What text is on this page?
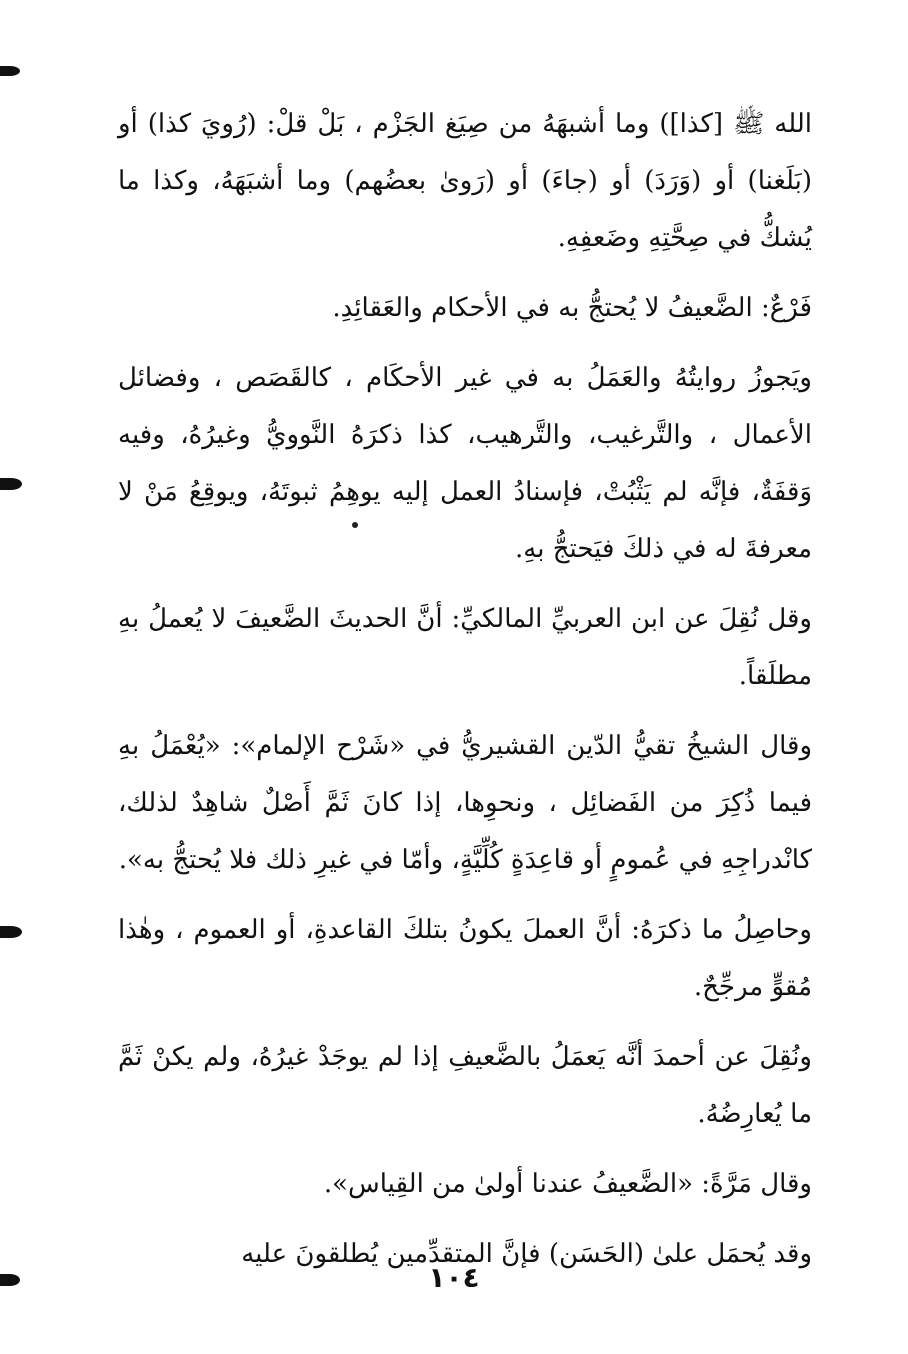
الله ﷺ [كذا]) وما أشبهَهُ من صِيَغ الجَزْم ، بَلْ قلْ: (رُويَ كذا) أو (بَلَغنا) أو (وَرَدَ) أو (جاءَ) أو (رَوىٰ بعضُهم) وما أشبَهَهُ، وكذا ما يُشكُّ في صِحَّتِهِ وضَعفِهِ.

فَرْعٌ: الضَّعيفُ لا يُحتجُّ به في الأحكام والعَقائِدِ.

ويَجوزُ روايتُهُ والعَمَلُ به في غير الأحكَام ، كالقَصَص ، وفضائل الأعمال ، والتَّرغيب، والتَّرهيب، كذا ذكرَهُ النَّوويُّ وغيرُهُ، وفيه وَقفَةٌ، فإنَّه لم يَثْبُتْ، فإسنادُ العمل إليه يوهِمُ ثبوتَهُ، ويوقِعُ مَنْ لا معرفةَ له في ذلكَ فيَحتجُّ بهِ.

وقل نُقِلَ عن ابن العربيِّ المالكيِّ: أنَّ الحديثَ الضَّعيفَ لا يُعملُ بهِ مطلَقاً.

وقال الشيخُ تقيُّ الدّين القشيريُّ في «شَرْح الإلمام»: «يُعْمَلُ بهِ فيما ذُكِرَ من الفَضائِل ، ونحوِها، إذا كانَ ثَمَّ أَصْلٌ شاهِدٌ لذلك، كانْدراجِهِ في عُمومٍ أو قاعِدَةٍ كُلِّيَّةٍ، وأمّا في غيرِ ذلك فلا يُحتجُّ به».

وحاصِلُ ما ذكرَهُ: أنَّ العملَ يكونُ بتلكَ القاعدةِ، أو العموم ، وهٰذا مُقوٍّ مرجِّحٌ.

ونُقِلَ عن أحمدَ أنَّه يَعمَلُ بالضَّعيفِ إذا لم يوجَدْ غيرُهُ، ولم يكنْ ثَمَّ ما يُعارِضُهُ.

وقال مَرَّةً: «الضَّعيفُ عندنا أولىٰ من القِياس».

وقد يُحمَل علىٰ (الحَسَن) فإنَّ المتقدِّمين يُطلقونَ عليه

١٠٤
